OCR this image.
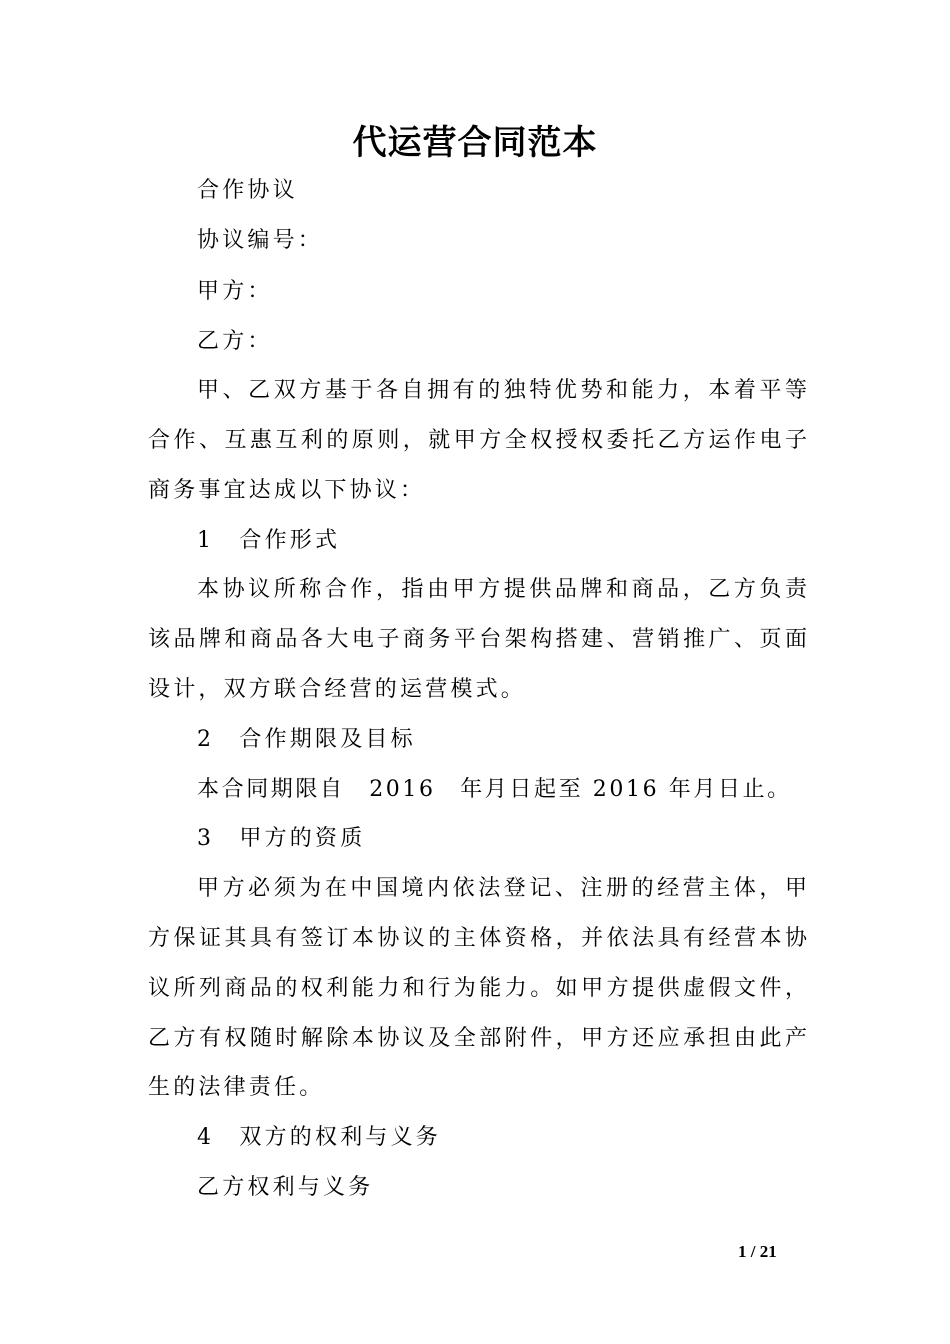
代运营合同范本
合作协议
协议编号：
甲方：
乙方：
甲、乙双方基于各自拥有的独特优势和能力，本着平等
合作、互惠互利的原则，就甲方全权授权委托乙方运作电子
商务事宜达成以下协议：
1　合作形式
本协议所称合作，指由甲方提供品牌和商品，乙方负责
该品牌和商品各大电子商务平台架构搭建、营销推广、页面
设计，双方联合经营的运营模式。
2　合作期限及目标
本合同期限自　2016　年月日起至 2016 年月日止。
3　甲方的资质
甲方必须为在中国境内依法登记、注册的经营主体，甲
方保证其具有签订本协议的主体资格，并依法具有经营本协
议所列商品的权利能力和行为能力。如甲方提供虚假文件，
乙方有权随时解除本协议及全部附件，甲方还应承担由此产
生的法律责任。
4　双方的权利与义务
乙方权利与义务
1 / 21
